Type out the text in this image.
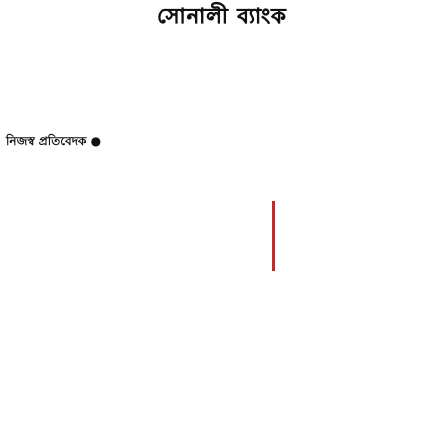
সোনালী ব্যাংক
নিজস্ব প্রতিবেদক ●
